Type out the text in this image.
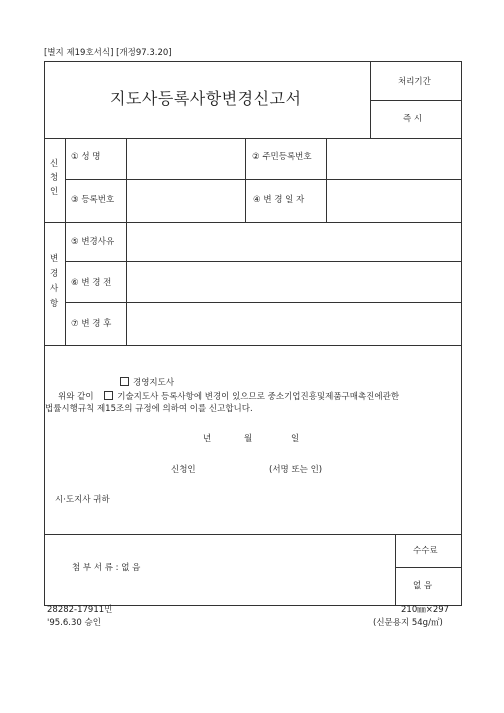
[별지 제19호서식] [개정97.3.20]
지도사등록사항변경신고서
처리기간
즉 시
신
청
인
① 성 명	② 주민등록번호
③ 등록번호	④ 변 경 일 자
변
경
사
항
⑤ 변경사유
⑥ 변 경 전
⑦ 변 경 후
경영지도사
위와 같이	기술지도사 등록사항에 변경이 있으므로 중소기업진흥및제품구매촉진에관한
법률시행규칙 제15조의 규정에 의하여 이를 신고합니다.
년	월	일
신청인	(서명 또는 인)
시·도지사 귀하
첨 부 서 류 : 없 음
수수료
없 음
28282-17911민
'95.6.30 승인
210㎜×297
(신문용지 54g/㎡)
